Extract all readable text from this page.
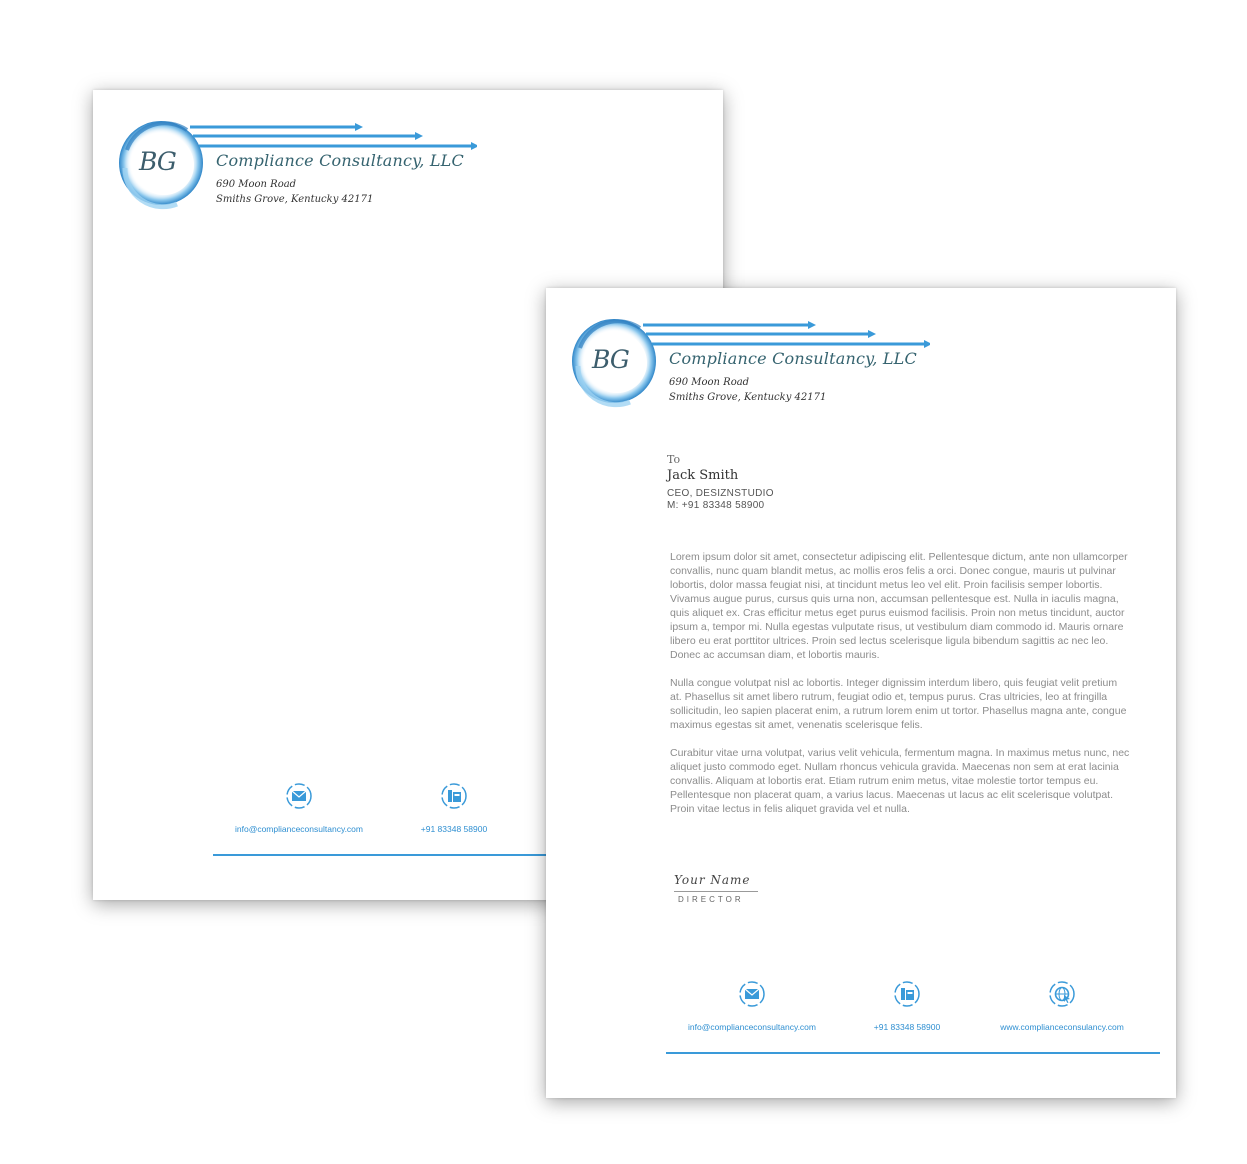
BG	Compliance Consultancy, LLC
690 Moon Road
Smiths Grove, Kentucky 42171
info@complianceconsultancy.com	+91 83348 58900
BG	Compliance Consultancy, LLC
690 Moon Road
Smiths Grove, Kentucky 42171
To
Jack Smith
CEO, DESIZNSTUDIO
M: +91 83348 58900

Lorem ipsum dolor sit amet, consectetur adipiscing elit. Pellentesque dictum, ante non ullamcorper convallis, nunc quam blandit metus, ac mollis eros felis a orci. Donec congue, mauris ut pulvinar lobortis, dolor massa feugiat nisi, at tincidunt metus leo vel elit. Proin facilisis semper lobortis. Vivamus augue purus, cursus quis urna non, accumsan pellentesque est. Nulla in iaculis magna, quis aliquet ex. Cras efficitur metus eget purus euismod facilisis. Proin non metus tincidunt, auctor ipsum a, tempor mi. Nulla egestas vulputate risus, ut vestibulum diam commodo id. Mauris ornare libero eu erat porttitor ultrices. Proin sed lectus scelerisque ligula bibendum sagittis ac nec leo. Donec ac accumsan diam, et lobortis mauris.

Nulla congue volutpat nisl ac lobortis. Integer dignissim interdum libero, quis feugiat velit pretium at. Phasellus sit amet libero rutrum, feugiat odio et, tempus purus. Cras ultricies, leo at fringilla sollicitudin, leo sapien placerat enim, a rutrum lorem enim ut tortor. Phasellus magna ante, congue maximus egestas sit amet, venenatis scelerisque felis.

Curabitur vitae urna volutpat, varius velit vehicula, fermentum magna. In maximus metus nunc, nec aliquet justo commodo eget. Nullam rhoncus vehicula gravida. Maecenas non sem at erat lacinia convallis. Aliquam at lobortis erat. Etiam rutrum enim metus, vitae molestie tortor tempus eu. Pellentesque non placerat quam, a varius lacus. Maecenas ut lacus ac elit scelerisque volutpat. Proin vitae lectus in felis aliquet gravida vel et nulla.

Your Name
DIRECTOR
info@complianceconsultancy.com	+91 83348 58900	www.complianceconsulancy.com
